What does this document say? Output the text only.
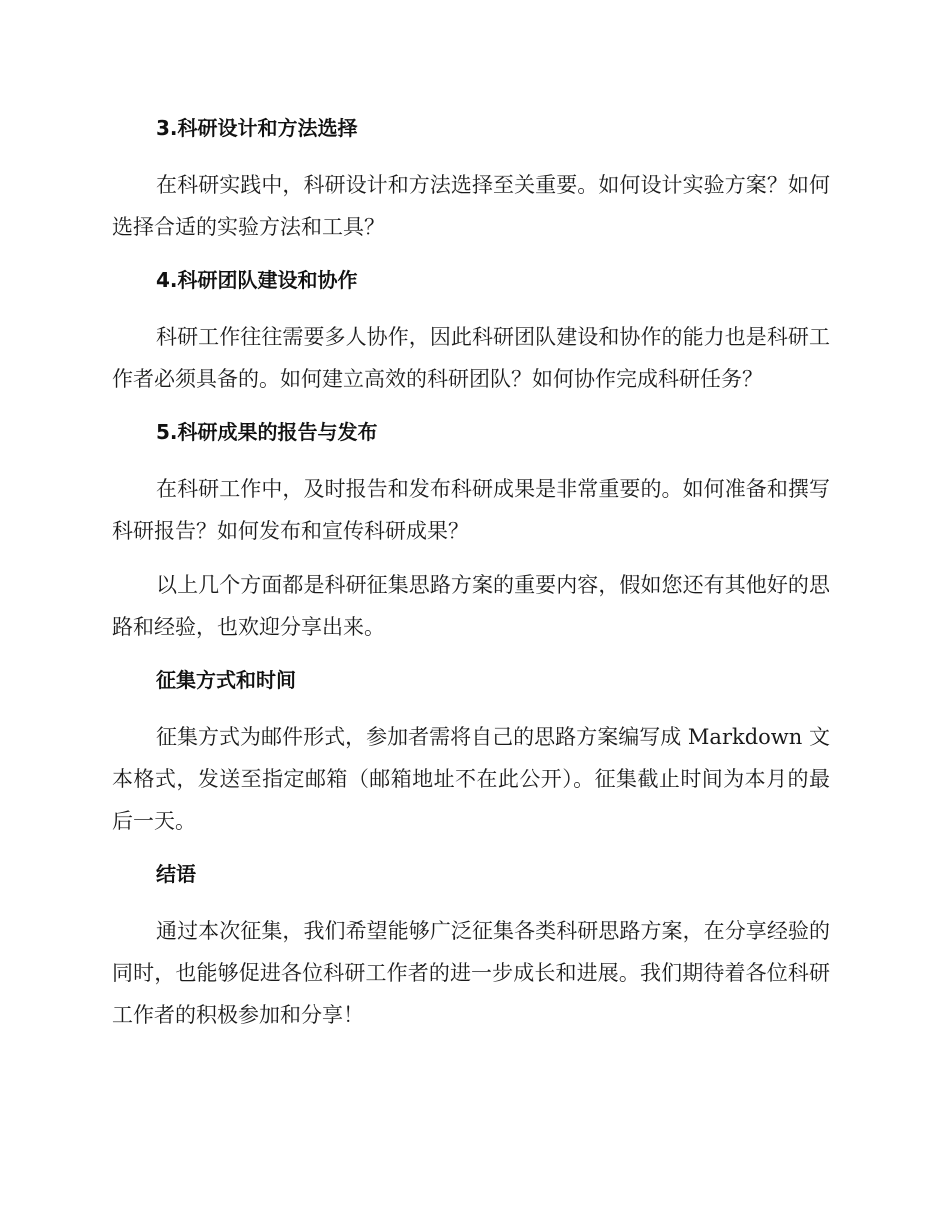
3.科研设计和方法选择

在科研实践中，科研设计和方法选择至关重要。如何设计实验方案？如何选择合适的实验方法和工具？

4.科研团队建设和协作

科研工作往往需要多人协作，因此科研团队建设和协作的能力也是科研工作者必须具备的。如何建立高效的科研团队？如何协作完成科研任务？

5.科研成果的报告与发布

在科研工作中，及时报告和发布科研成果是非常重要的。如何准备和撰写科研报告？如何发布和宣传科研成果？

以上几个方面都是科研征集思路方案的重要内容，假如您还有其他好的思路和经验，也欢迎分享出来。

征集方式和时间

征集方式为邮件形式，参加者需将自己的思路方案编写成 Markdown 文本格式，发送至指定邮箱（邮箱地址不在此公开）。征集截止时间为本月的最后一天。

结语

通过本次征集，我们希望能够广泛征集各类科研思路方案，在分享经验的同时，也能够促进各位科研工作者的进一步成长和进展。我们期待着各位科研工作者的积极参加和分享！
